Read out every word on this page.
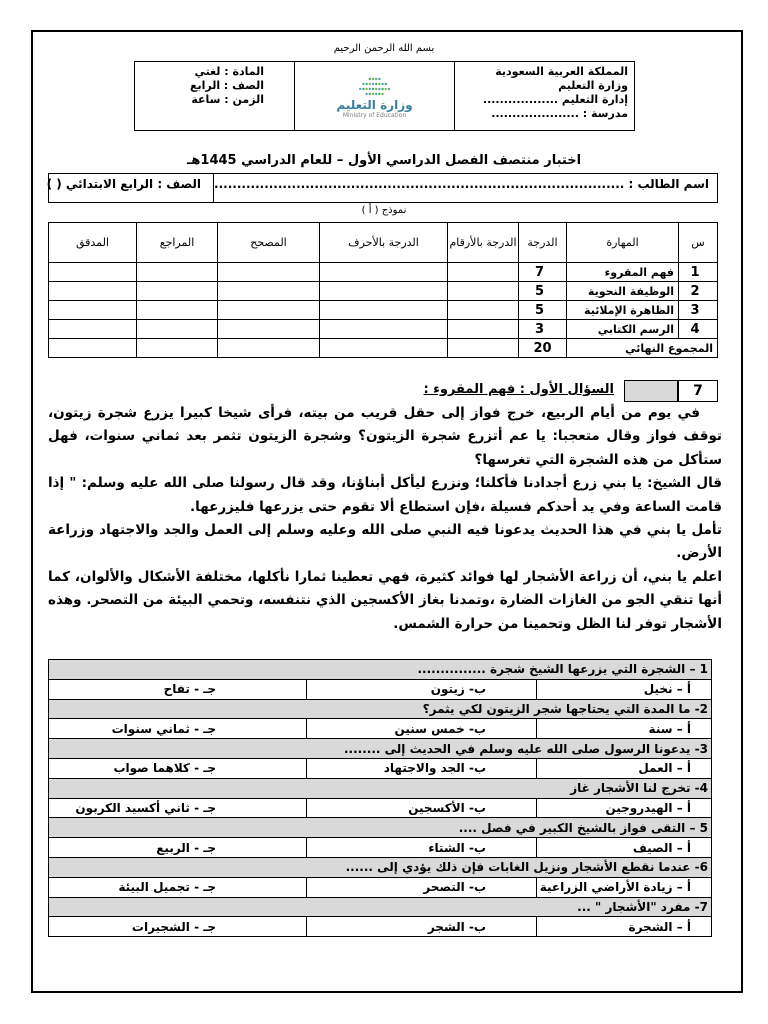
بسم الله الرحمن الرحيم
المملكة العربية السعودية
وزارة التعليم
إدارة التعليم ..................
مدرسة : .....................
وزارة التعليم
Ministry of Education
المادة : لغتي
الصف : الرابع
الزمن : ساعة
اختبار منتصف الفصل الدراسي الأول – للعام الدراسي 1445هـ
اسم الطالب : ..........................................................................................
الصف : الرابع الابتدائي ( )
نموذج ( أ )
س	المهارة	الدرجة	الدرجة بالأرقام	الدرجة بالأحرف	المصحح	المراجع	المدقق
1	فهم المقروء	7					
2	الوظيفة النحوية	5					
3	الظاهرة الإملائية	5					
4	الرسم الكتابي	3					
المجموع النهائي		20					
7
السؤال الأول : فهم المقروء :

في يوم من أيام الربيع، خرج فواز إلى حقل قريب من بيته، فرأى شيخا كبيرا يزرع شجرة زيتون، توقف فواز وقال متعجبا: يا عم أتزرع شجرة الزيتون؟ وشجرة الزيتون تثمر بعد ثماني سنوات، فهل ستأكل من هذه الشجرة التي تغرسها؟

قال الشيخ: يا بني زرع أجدادنا فأكلنا؛ ونزرع ليأكل أبناؤنا، وقد قال رسولنا صلى الله عليه وسلم: " إذا قامت الساعة وفي يد أحدكم فسيلة ،فإن استطاع ألا تقوم حتى يزرعها فليزرعها.

تأمل يا بني في هذا الحديث يدعونا فيه النبي صلى الله وعليه وسلم إلى العمل والجد والاجتهاد وزراعة الأرض.

اعلم يا بني، أن زراعة الأشجار لها فوائد كثيرة، فهي تعطينا ثمارا نأكلها، مختلفة الأشكال والألوان، كما أنها تنقي الجو من الغازات الضارة ،وتمدنا بغاز الأكسجين الذي نتنفسه، وتحمي البيئة من التصحر. وهذه الأشجار توفر لنا الظل وتحمينا من حرارة الشمس.

1 – الشجرة التي يزرعها الشيخ شجرة ...............		
أ – نخيل	ب- زيتون	جـ - تفاح
2- ما المدة التي يحتاجها شجر الزيتون لكي يثمر؟		
أ – سنة	ب- خمس سنين	جـ - ثماني سنوات
3- يدعونا الرسول صلى الله عليه وسلم في الحديث إلى ........		
أ – العمل	ب- الجد والاجتهاد	جـ - كلاهما صواب
4- تخرج لنا الأشجار غاز		
أ – الهيدروجين	ب- الأكسجين	جـ - ثاني أكسيد الكربون
5 – التقى فواز بالشيخ الكبير في فصل ....		
أ – الصيف	ب- الشتاء	جـ - الربيع
6- عندما نقطع الأشجار ونزيل الغابات فإن ذلك يؤدي إلى ......		
أ – زيادة الأراضي الزراعية	ب- التصحر	جـ - تجميل البيئة
7- مفرد "الأشجار " ...		
أ – الشجرة	ب- الشجر	جـ - الشجيرات
